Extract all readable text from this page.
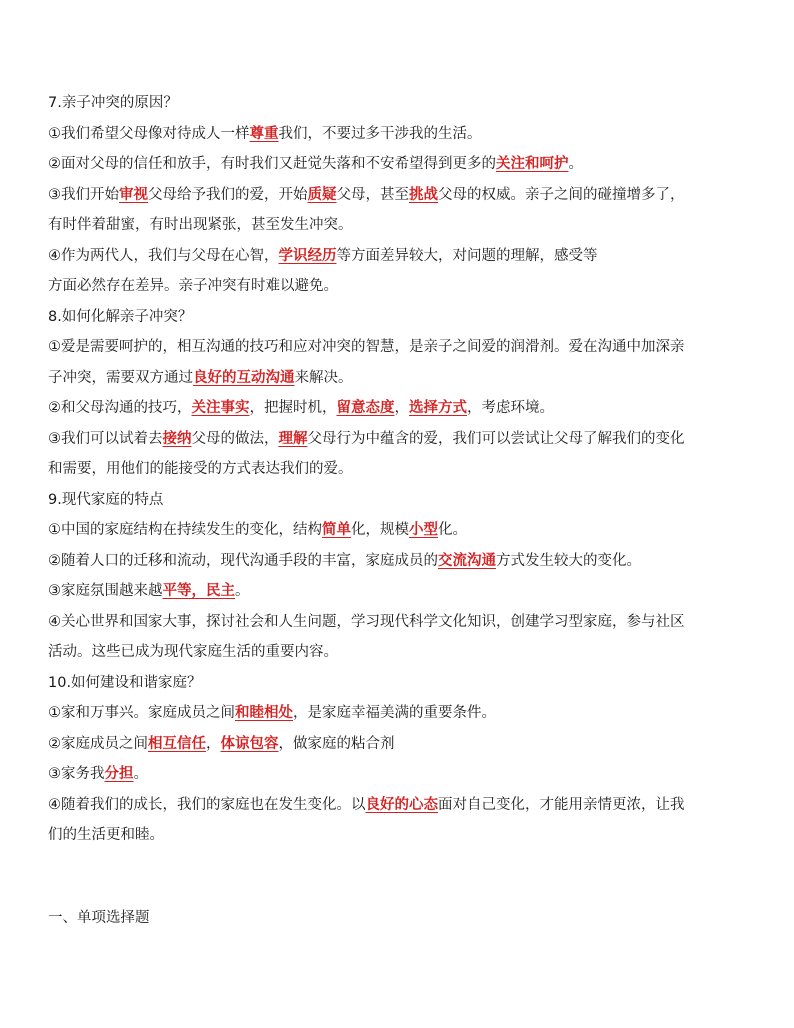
7.亲子冲突的原因？
①我们希望父母像对待成人一样尊重我们，不要过多干涉我的生活。
②面对父母的信任和放手，有时我们又赶觉失落和不安希望得到更多的关注和呵护。
③我们开始审视父母给予我们的爱，开始质疑父母，甚至挑战父母的权威。亲子之间的碰撞增多了，
有时伴着甜蜜，有时出现紧张，甚至发生冲突。
④作为两代人，我们与父母在心智，学识经历等方面差异较大，对问题的理解，感受等
方面必然存在差异。亲子冲突有时难以避免。
8.如何化解亲子冲突？
①爱是需要呵护的，相互沟通的技巧和应对冲突的智慧，是亲子之间爱的润滑剂。爱在沟通中加深亲
子冲突，需要双方通过良好的互动沟通来解决。
②和父母沟通的技巧，关注事实，把握时机，留意态度，选择方式，考虑环境。
③我们可以试着去接纳父母的做法，理解父母行为中蕴含的爱，我们可以尝试让父母了解我们的变化
和需要，用他们的能接受的方式表达我们的爱。
9.现代家庭的特点
①中国的家庭结构在持续发生的变化，结构简单化，规模小型化。
②随着人口的迁移和流动，现代沟通手段的丰富，家庭成员的交流沟通方式发生较大的变化。
③家庭氛围越来越平等，民主。
④关心世界和国家大事，探讨社会和人生问题，学习现代科学文化知识，创建学习型家庭，参与社区
活动。这些已成为现代家庭生活的重要内容。
10.如何建设和谐家庭？
①家和万事兴。家庭成员之间和睦相处，是家庭幸福美满的重要条件。
②家庭成员之间相互信任，体谅包容，做家庭的粘合剂
③家务我分担。
④随着我们的成长，我们的家庭也在发生变化。以良好的心态面对自己变化，才能用亲情更浓，让我
们的生活更和睦。
一、单项选择题
